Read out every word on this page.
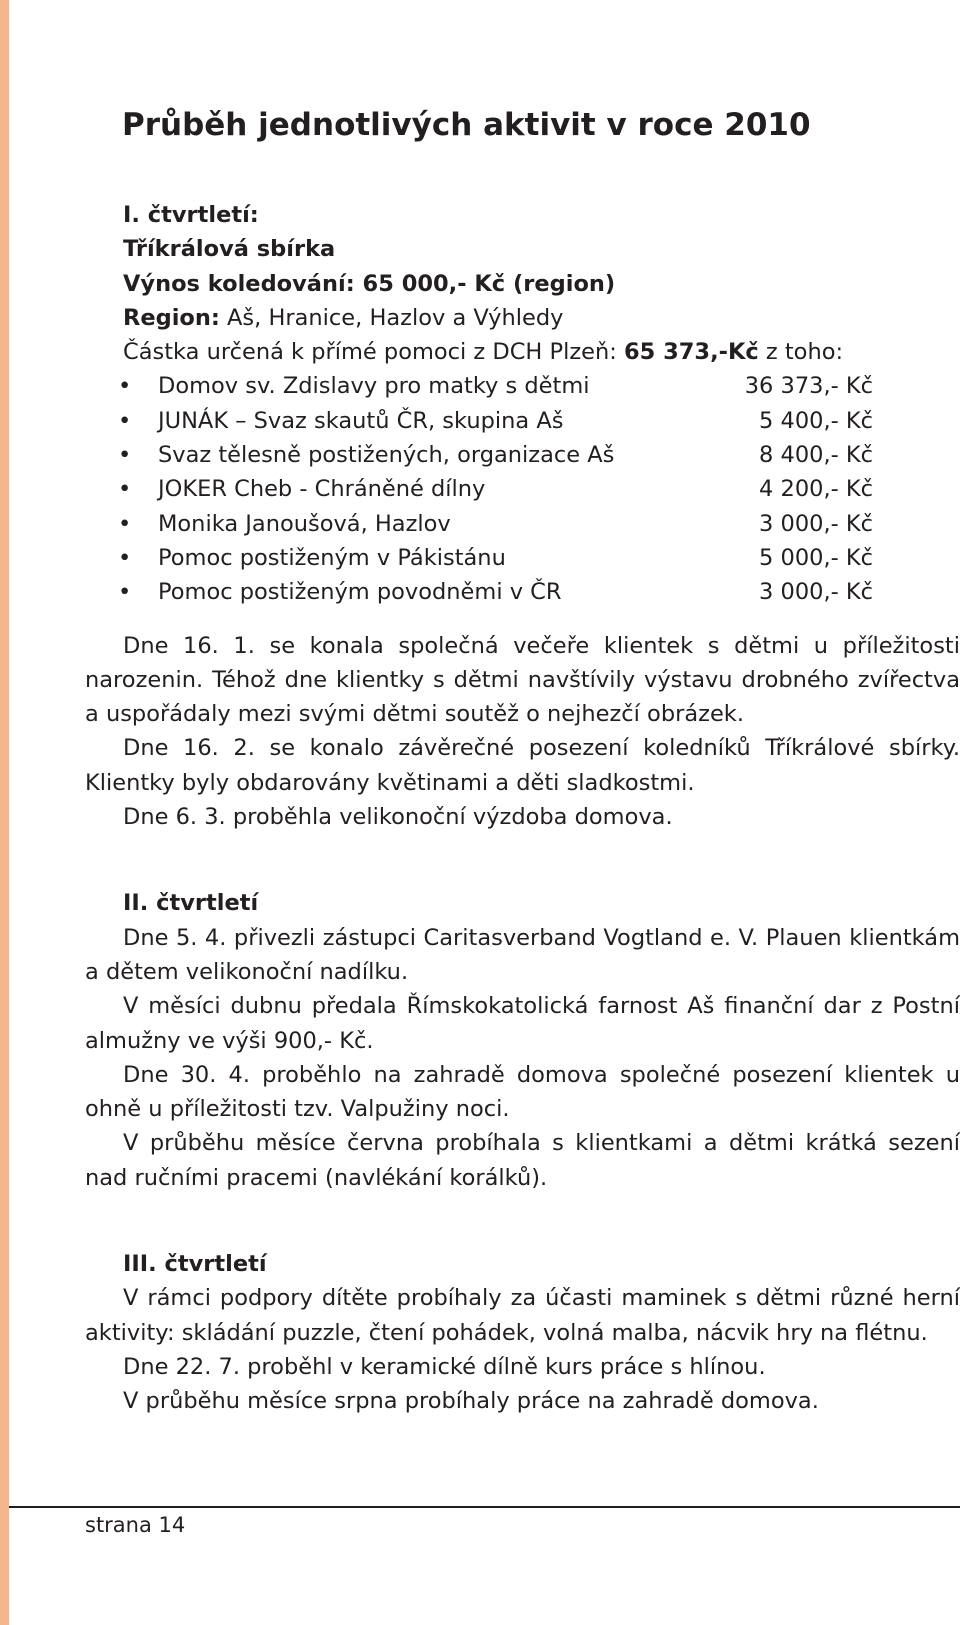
Průběh jednotlivých aktivit v roce 2010

I. čtvrtletí:

Tříkrálová sbírka

Výnos koledování: 65 000,- Kč (region)

Region: Aš, Hranice, Hazlov a Výhledy

Částka určená k přímé pomoci z DCH Plzeň: 65 373,-Kč z toho:

• Domov sv. Zdislavy pro matky s dětmi	36 373,- Kč
• JUNÁK – Svaz skautů ČR, skupina Aš	5 400,- Kč
• Svaz tělesně postižených, organizace Aš	8 400,- Kč
• JOKER Cheb - Chráněné dílny	4 200,- Kč
• Monika Janoušová, Hazlov	3 000,- Kč
• Pomoc postiženým v Pákistánu	5 000,- Kč
• Pomoc postiženým povodněmi v ČR	3 000,- Kč

Dne 16. 1. se konala společná večeře klientek s dětmi u příležitosti narozenin. Téhož dne klientky s dětmi navštívily výstavu drobného zvířectva a uspořádaly mezi svými dětmi soutěž o nejhezčí obrázek.

Dne 16. 2. se konalo závěrečné posezení koledníků Tříkrálové sbírky. Klientky byly obdarovány květinami a děti sladkostmi.

Dne 6. 3. proběhla velikonoční výzdoba domova.

II. čtvrtletí

Dne 5. 4. přivezli zástupci Caritasverband Vogtland e. V. Plauen klientkám a dětem velikonoční nadílku.

V měsíci dubnu předala Římskokatolická farnost Aš finanční dar z Postní almužny ve výši 900,- Kč.

Dne 30. 4. proběhlo na zahradě domova společné posezení klientek u ohně u příležitosti tzv. Valpužiny noci.

V průběhu měsíce června probíhala s klientkami a dětmi krátká sezení nad ručními pracemi (navlékání korálků).

III. čtvrtletí

V rámci podpory dítěte probíhaly za účasti maminek s dětmi různé herní aktivity: skládání puzzle, čtení pohádek, volná malba, nácvik hry na flétnu.

Dne 22. 7. proběhl v keramické dílně kurs práce s hlínou.

V průběhu měsíce srpna probíhaly práce na zahradě domova.

strana 14
